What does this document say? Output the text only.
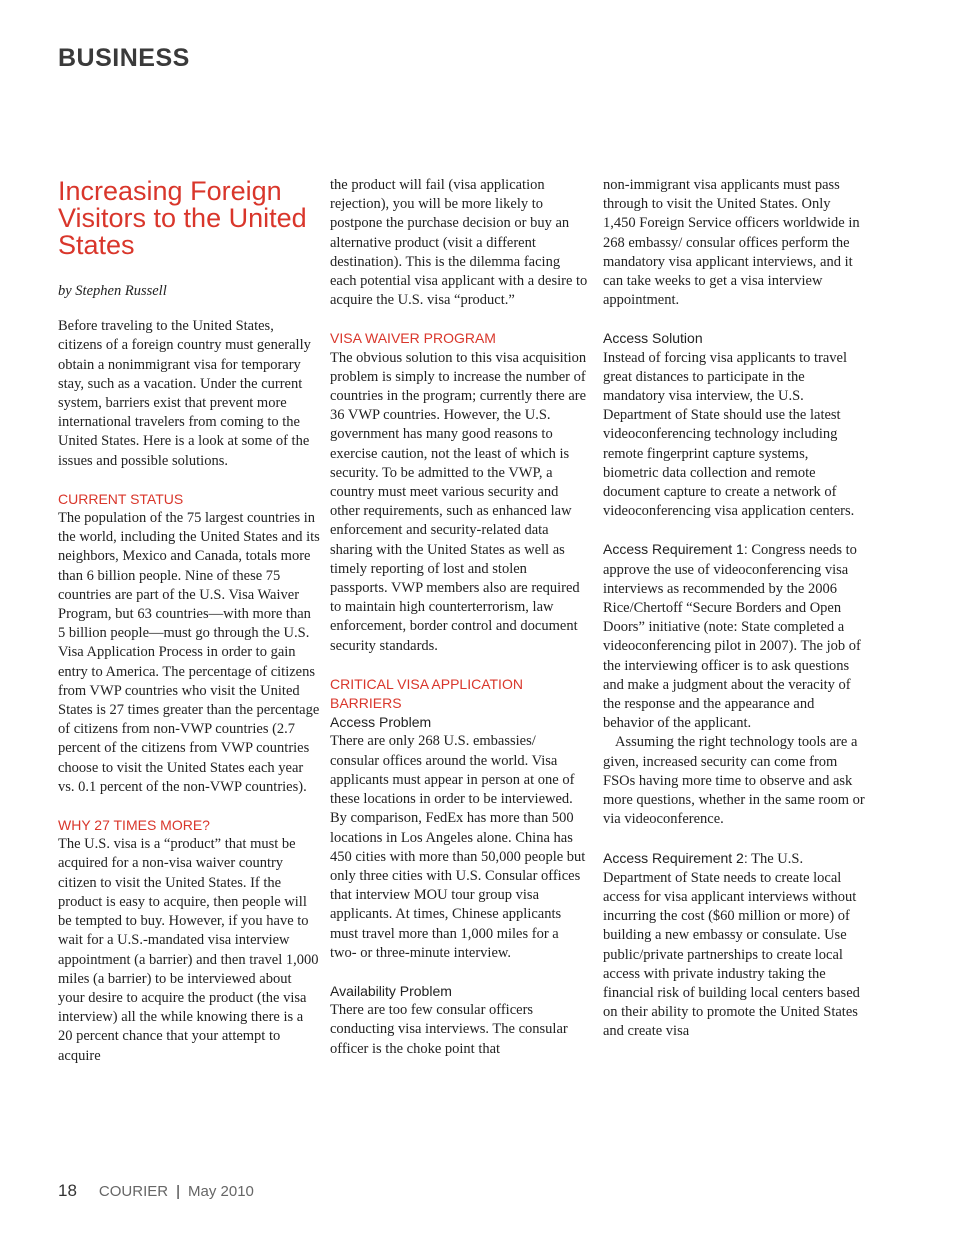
BUSINESS
Increasing Foreign Visitors to the United States

by Stephen Russell

Before traveling to the United States, citizens of a foreign country must generally obtain a nonimmigrant visa for temporary stay, such as a vacation. Under the current system, barriers exist that prevent more international travelers from coming to the United States. Here is a look at some of the issues and possible solutions.

CURRENT STATUS

The population of the 75 largest countries in the world, including the United States and its neighbors, Mexico and Canada, totals more than 6 billion people. Nine of these 75 countries are part of the U.S. Visa Waiver Program, but 63 countries—with more than 5 billion people—must go through the U.S. Visa Application Process in order to gain entry to America. The percentage of citizens from VWP countries who visit the United States is 27 times greater than the percentage of citizens from non-VWP countries (2.7 percent of the citizens from VWP countries choose to visit the United States each year vs. 0.1 percent of the non-VWP countries).

WHY 27 TIMES MORE?

The U.S. visa is a “product” that must be acquired for a non-visa waiver country citizen to visit the United States. If the product is easy to acquire, then people will be tempted to buy. However, if you have to wait for a U.S.-mandated visa interview appointment (a barrier) and then travel 1,000 miles (a barrier) to be interviewed about your desire to acquire the product (the visa interview) all the while knowing there is a 20 percent chance that your attempt to acquire

the product will fail (visa application rejection), you will be more likely to postpone the purchase decision or buy an alternative product (visit a different destination). This is the dilemma facing each potential visa applicant with a desire to acquire the U.S. visa “product.”

VISA WAIVER PROGRAM

The obvious solution to this visa acquisition problem is simply to increase the number of countries in the program; currently there are 36 VWP countries. However, the U.S. government has many good reasons to exercise caution, not the least of which is security. To be admitted to the VWP, a country must meet various security and other requirements, such as enhanced law enforcement and security-related data sharing with the United States as well as timely reporting of lost and stolen passports. VWP members also are required to maintain high counterterrorism, law enforcement, border control and document security standards.

CRITICAL VISA APPLICATION BARRIERS
Access Problem

There are only 268 U.S. embassies/ consular offices around the world. Visa applicants must appear in person at one of these locations in order to be interviewed. By comparison, FedEx has more than 500 locations in Los Angeles alone. China has 450 cities with more than 50,000 people but only three cities with U.S. Consular offices that interview MOU tour group visa applicants. At times, Chinese applicants must travel more than 1,000 miles for a two- or three-minute interview.

Availability Problem

There are too few consular officers conducting visa interviews. The consular officer is the choke point that

non-immigrant visa applicants must pass through to visit the United States. Only 1,450 Foreign Service officers worldwide in 268 embassy/ consular offices perform the mandatory visa applicant interviews, and it can take weeks to get a visa interview appointment.

Access Solution

Instead of forcing visa applicants to travel great distances to participate in the mandatory visa interview, the U.S. Department of State should use the latest videoconferencing technology including remote fingerprint capture systems, biometric data collection and remote document capture to create a network of videoconferencing visa application centers.

Access Requirement 1: Congress needs to approve the use of videoconferencing visa interviews as recommended by the 2006 Rice/Chertoff “Secure Borders and Open Doors” initiative (note: State completed a videoconferencing pilot in 2007). The job of the interviewing officer is to ask questions and make a judgment about the veracity of the response and the appearance and behavior of the applicant.

Assuming the right technology tools are a given, increased security can come from FSOs having more time to observe and ask more questions, whether in the same room or via videoconference.

Access Requirement 2: The U.S. Department of State needs to create local access for visa applicant interviews without incurring the cost ($60 million or more) of building a new embassy or consulate. Use public/private partnerships to create local access with private industry taking the financial risk of building local centers based on their ability to promote the United States and create visa

18 COURIER | May 2010
